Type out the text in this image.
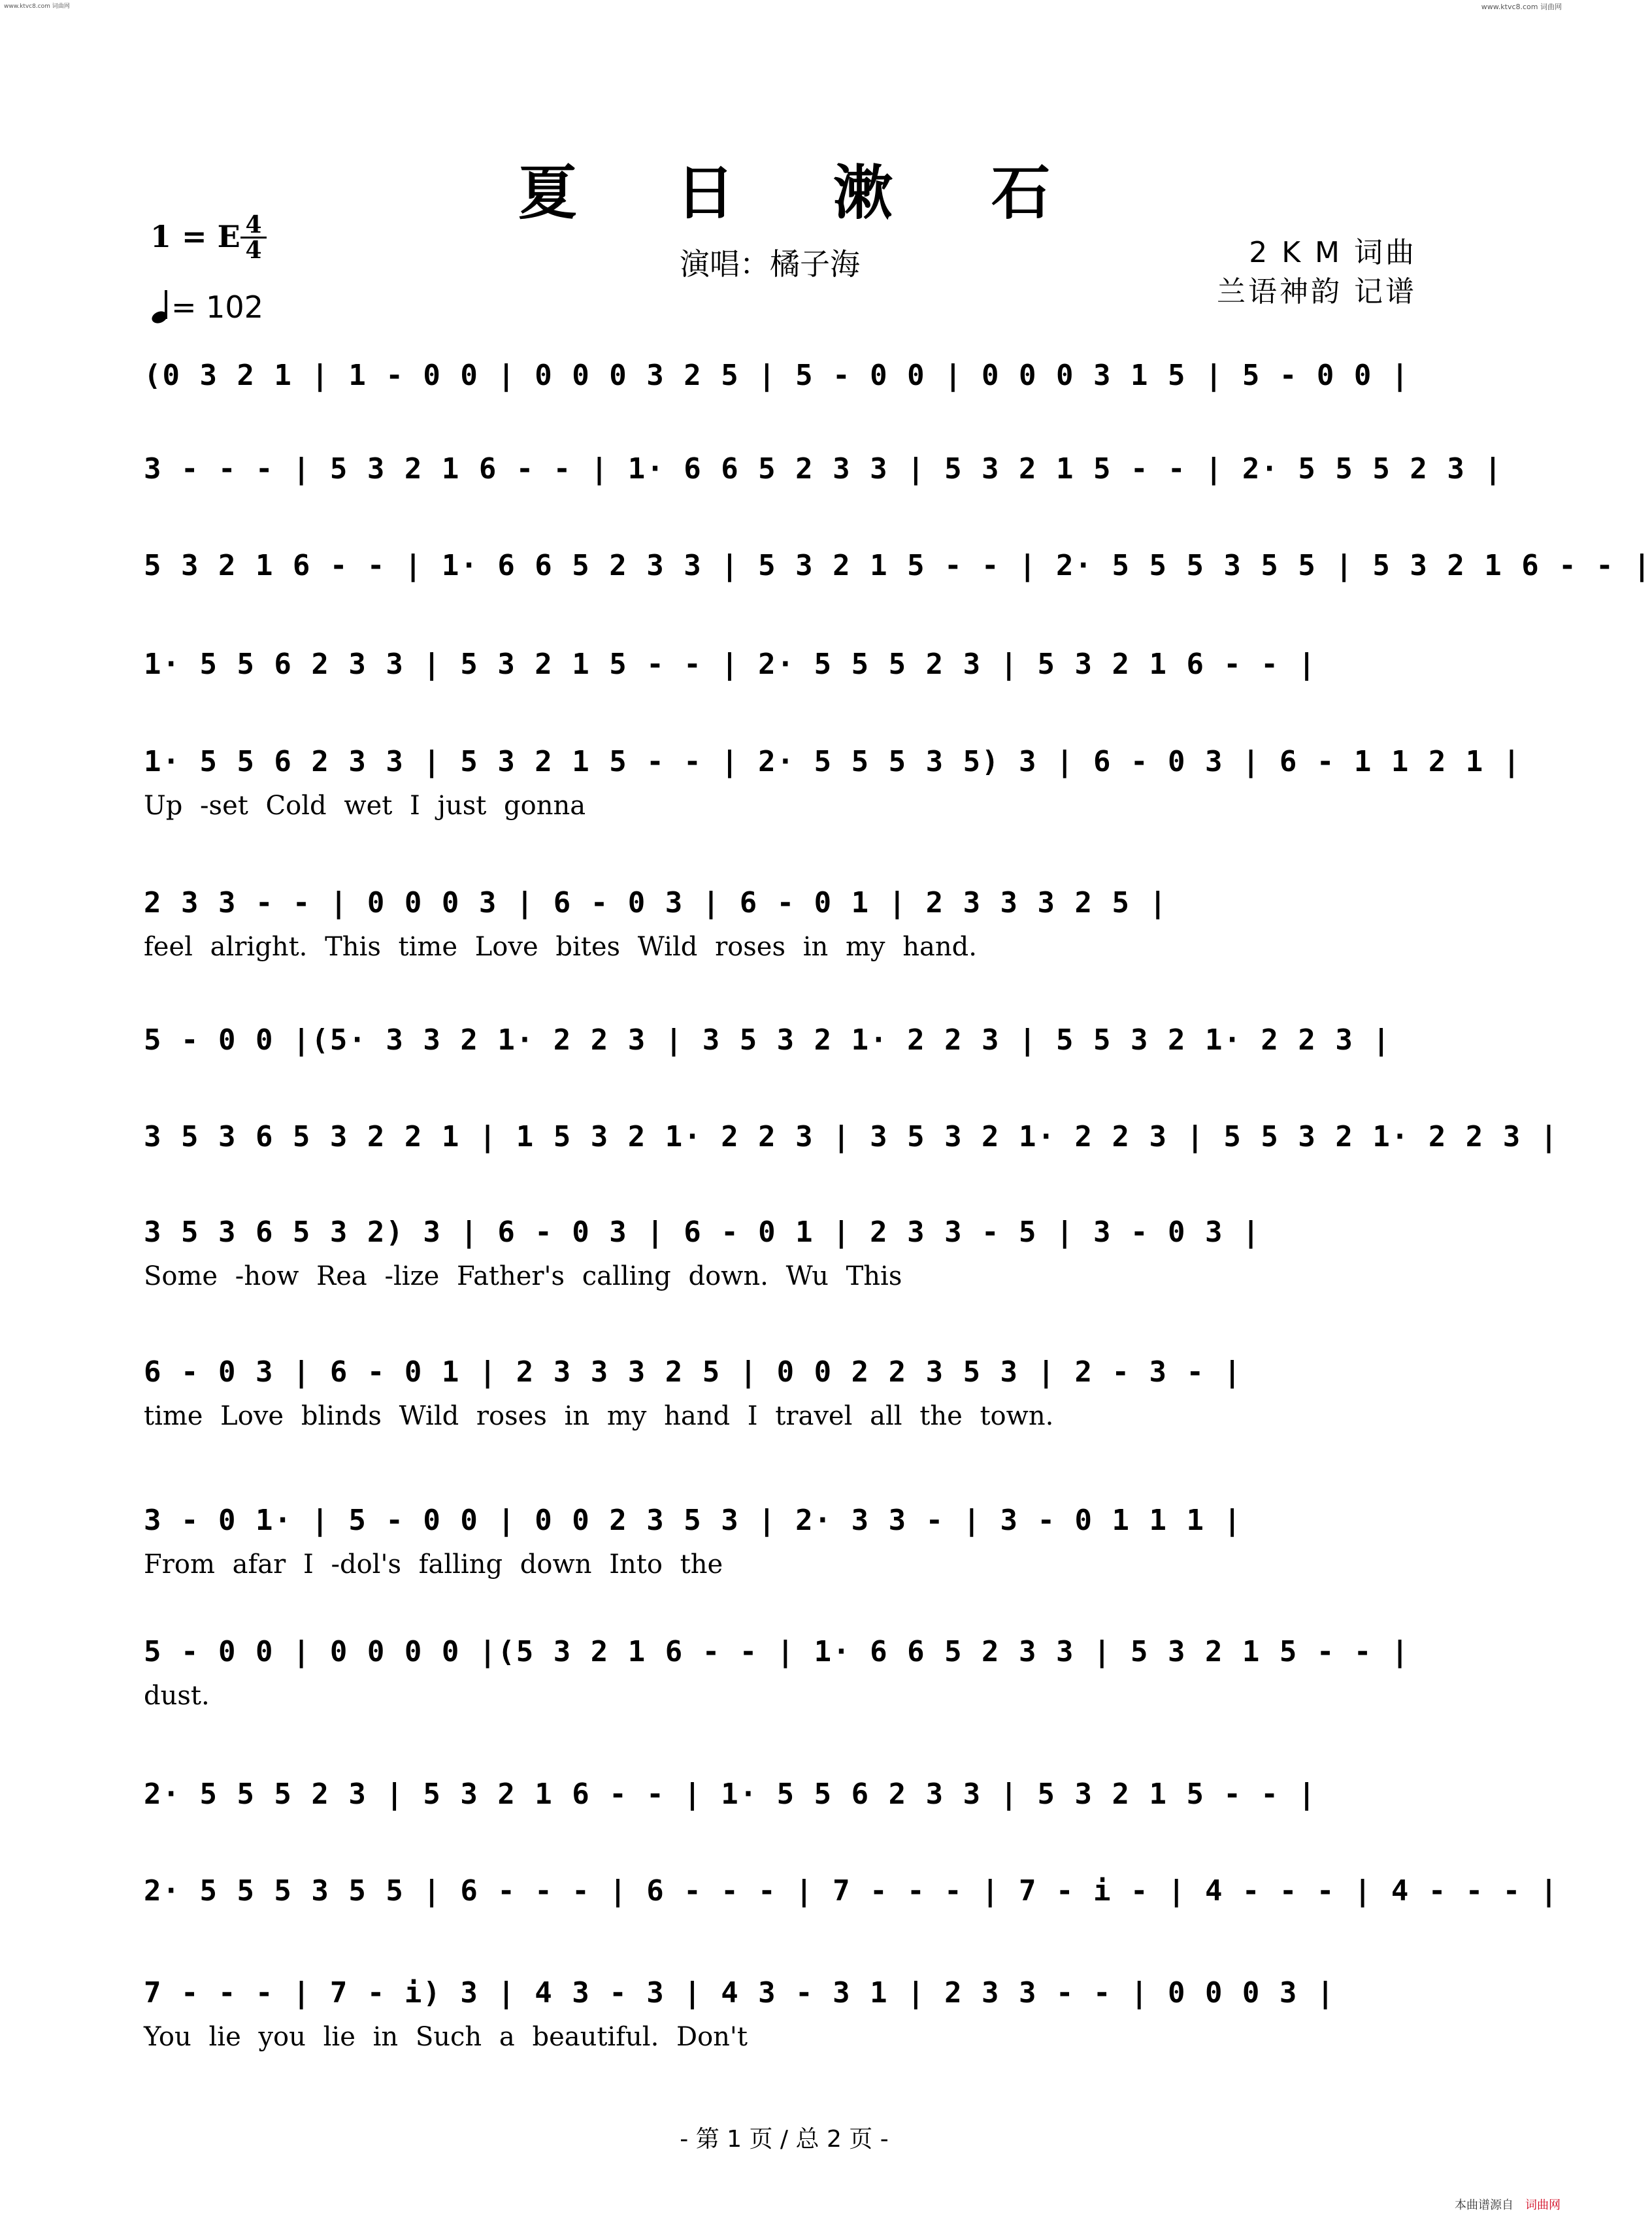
www.ktvc8.com 词曲网	www.ktvc8.com 词曲网
夏 日 漱 石
1 = E 4
4
= 102
演唱：橘子海	2 K M 词曲
兰语神韵 记谱
(0 3 2 1 | 1 - 0 0 | 0 0 0 3 2 5 | 5 - 0 0 | 0 0 0 3 1 5 | 5 - 0 0 |
3 - - - | 5 3 2 1 6 - - | 1· 6 6 5 2 3 3 | 5 3 2 1 5 - - | 2· 5 5 5 2 3 |
5 3 2 1 6 - - | 1· 6 6 5 2 3 3 | 5 3 2 1 5 - - | 2· 5 5 5 3 5 5 | 5 3 2 1 6 - - |
1· 5 5 6 2 3 3 | 5 3 2 1 5 - - | 2· 5 5 5 2 3 | 5 3 2 1 6 - - |
1· 5 5 6 2 3 3 | 5 3 2 1 5 - - | 2· 5 5 5 3 5) 3 | 6 - 0 3 | 6 - 1 1 2 1 |
Up -set Cold wet I just gonna
2 3 3 - - | 0 0 0 3 | 6 - 0 3 | 6 - 0 1 | 2 3 3 3 2 5 |
feel alright. This time Love bites Wild roses in my hand.
5 - 0 0 |(5· 3 3 2 1· 2 2 3 | 3 5 3 2 1· 2 2 3 | 5 5 3 2 1· 2 2 3 |
3 5 3 6 5 3 2 2 1 | 1 5 3 2 1· 2 2 3 | 3 5 3 2 1· 2 2 3 | 5 5 3 2 1· 2 2 3 |
3 5 3 6 5 3 2) 3 | 6 - 0 3 | 6 - 0 1 | 2 3 3 - 5 | 3 - 0 3 |
Some -how Rea -lize Father's calling down. Wu This
6 - 0 3 | 6 - 0 1 | 2 3 3 3 2 5 | 0 0 2 2 3 5 3 | 2 - 3 - |
time Love blinds Wild roses in my hand I travel all the town.
3 - 0 1· | 5 - 0 0 | 0 0 2 3 5 3 | 2· 3 3 - | 3 - 0 1 1 1 |
From afar I -dol's falling down Into the
5 - 0 0 | 0 0 0 0 |(5 3 2 1 6 - - | 1· 6 6 5 2 3 3 | 5 3 2 1 5 - - |
dust.
2· 5 5 5 2 3 | 5 3 2 1 6 - - | 1· 5 5 6 2 3 3 | 5 3 2 1 5 - - |
2· 5 5 5 3 5 5 | 6 - - - | 6 - - - | 7 - - - | 7 - i - | 4 - - - | 4 - - - |
7 - - - | 7 - i) 3 | 4 3 - 3 | 4 3 - 3 1 | 2 3 3 - - | 0 0 0 3 |
You lie you lie in Such a beautiful. Don't
- 第 1 页 / 总 2 页 -
本曲谱源自 词曲网
